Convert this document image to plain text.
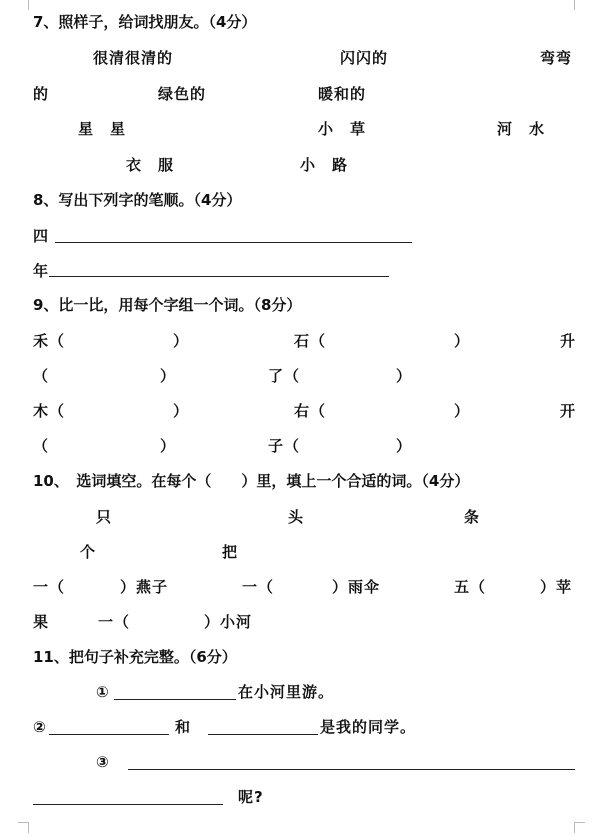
7、照样子，给词找朋友。（4分）
很清很清的	闪闪的	弯弯
的	绿色的	暖和的
星　星	小　草	河　水
衣　服	小　路
8、写出下列字的笔顺。（4分）
四
年
9、比一比，用每个字组一个词。（8分）
禾（	）	石（	）	升
（	）	了（	）
木（	）	右（	）	开
（	）	子（	）
10、　选词填空。在每个（　　）里，填上一个合适的词。（4分）
只	头	条
个	把
一（	）燕子	一（	）雨伞	五（	）苹
果	一（	）小河
11、把句子补充完整。（6分）
①	在小河里游。
②	和	是我的同学。
③
呢?
